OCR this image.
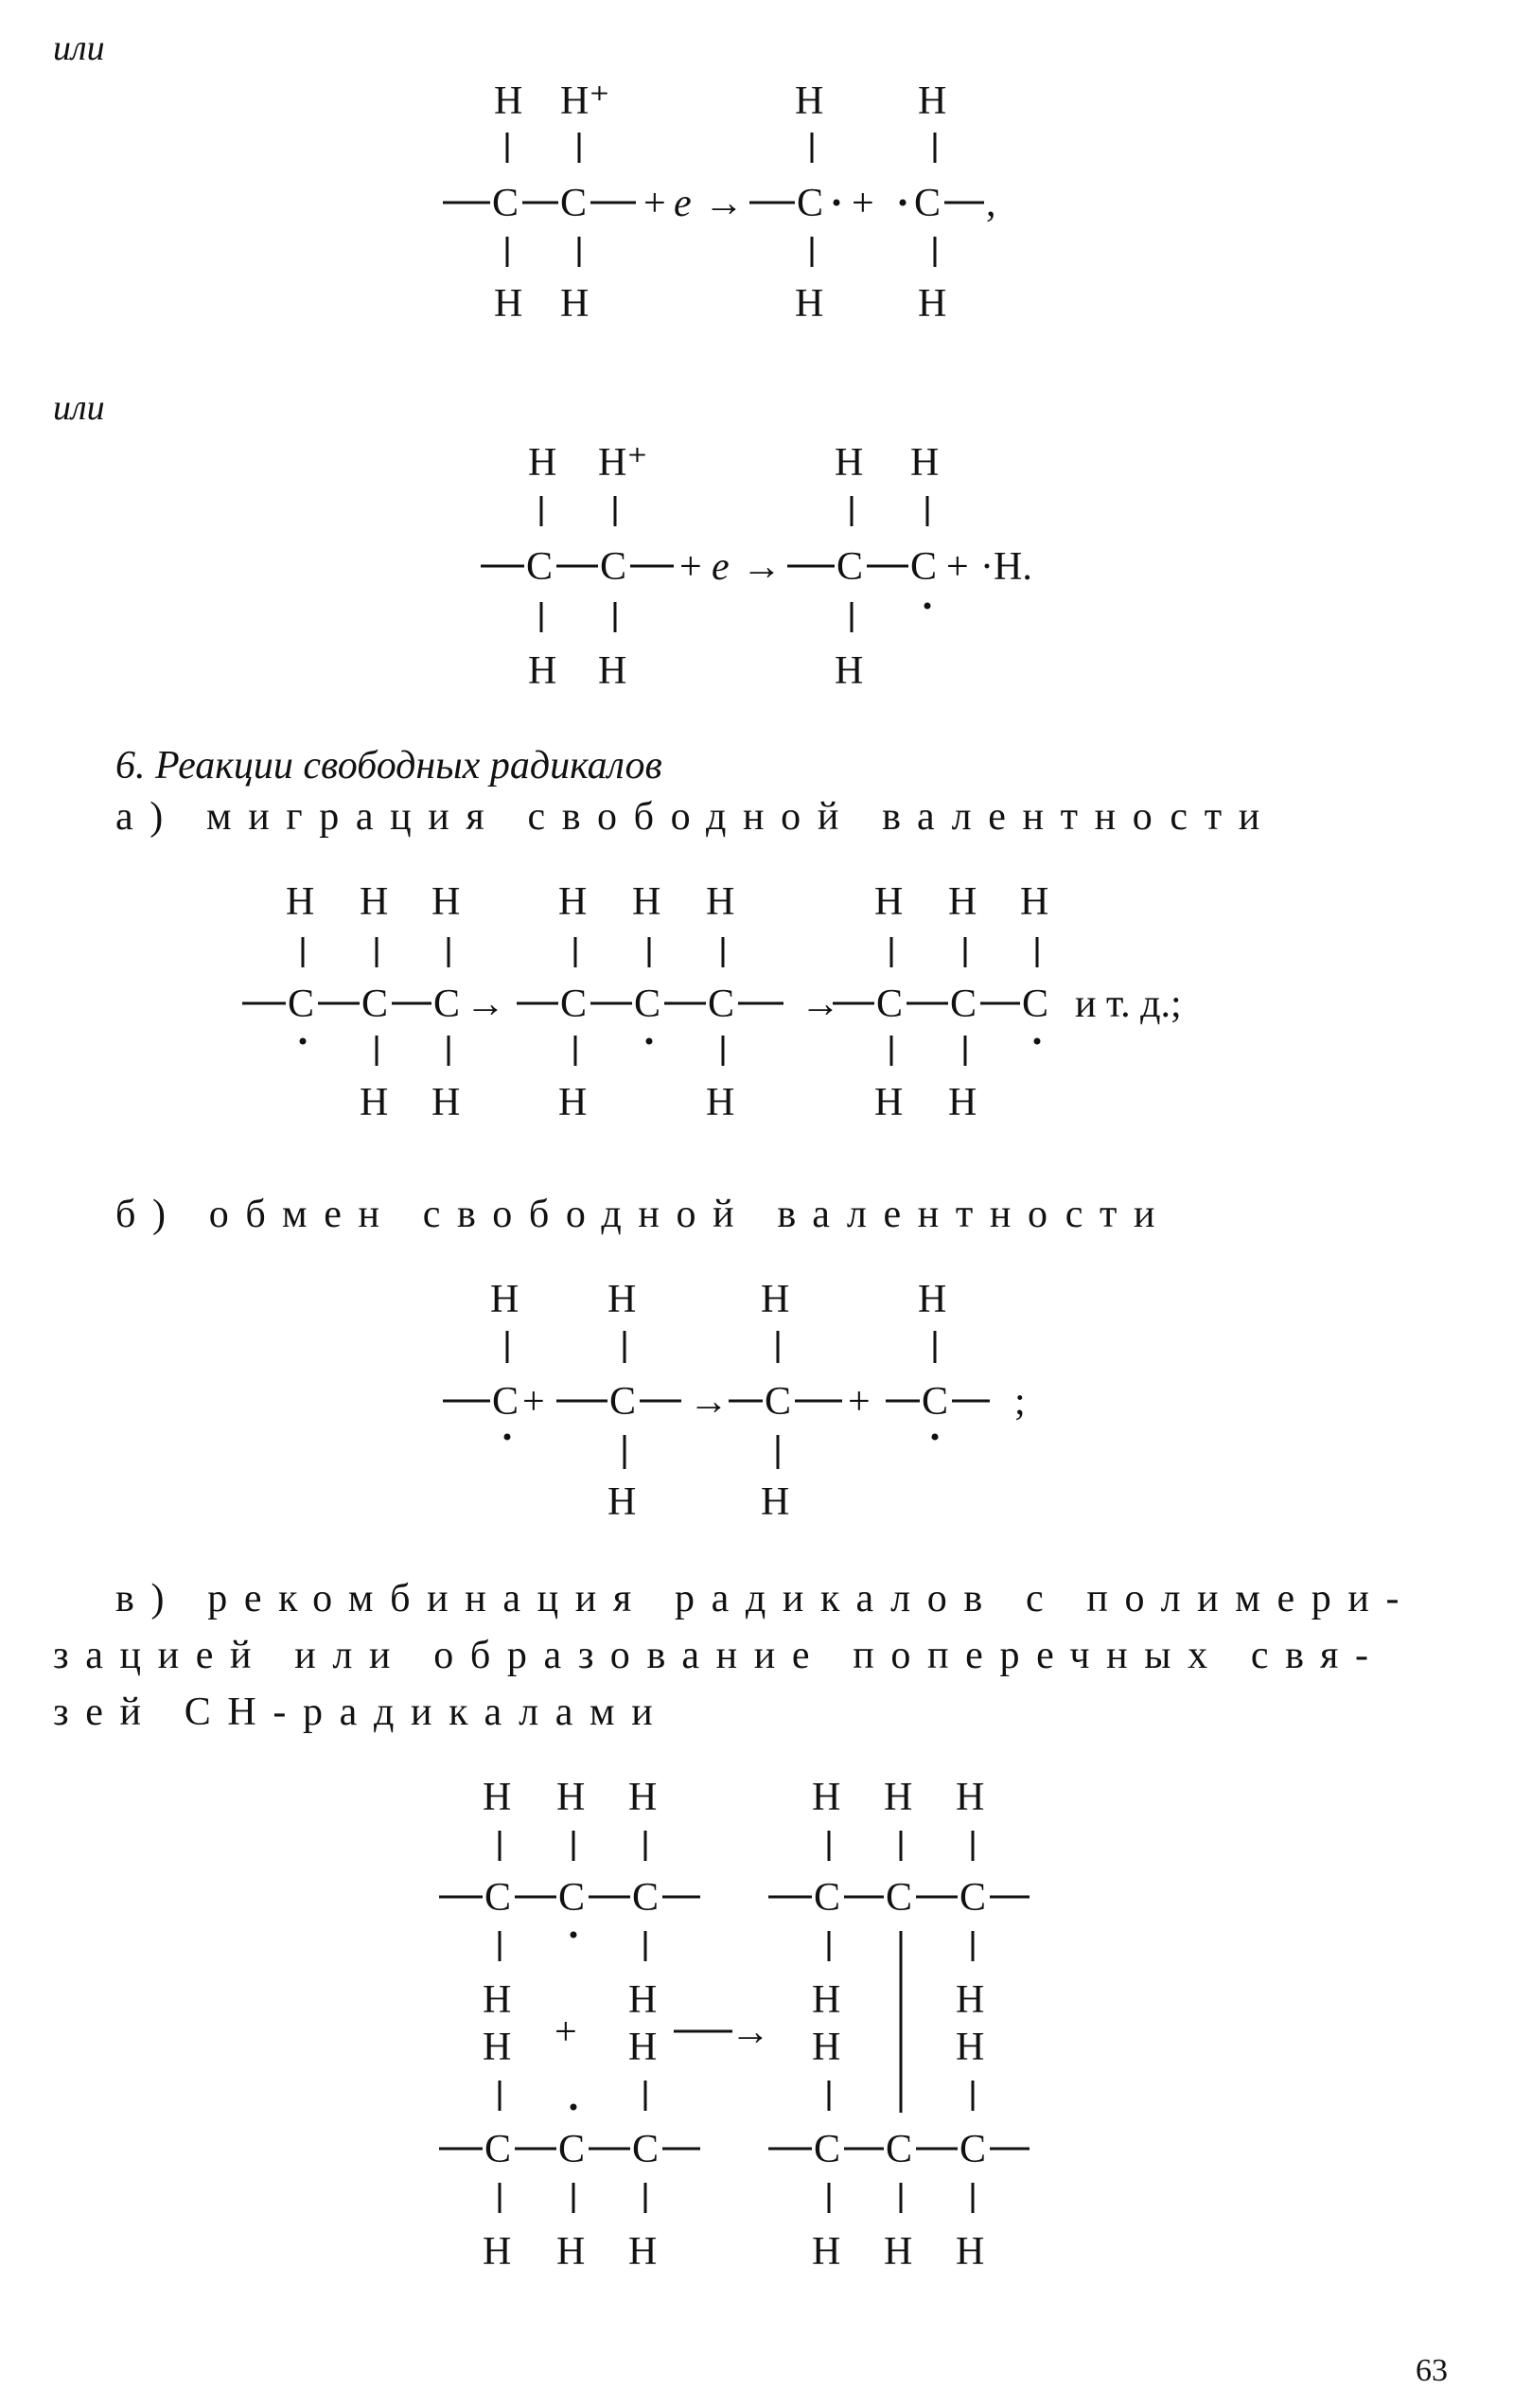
или
или
6. Реакции свободных радикалов
а) миграция свободной валентности
б) обмен свободной валентности
в) рекомбинация радикалов с полимери-
зацией или образование поперечных свя-
зей CH-радикалами
63
H H⁺	H H
C C + e → C + C ,
H H	H H
H H⁺	H H
C C + e → C C + ·H.
H H	H
H H H H H H	H H H
C C C → C C C → C C C и т. д.;
H H H	H	H H
H H	H	H
C + C → C + C ;
H	H
H H H
C C C
H	H
+	→
H	H
C C C
H H H
H H H
C C C
H	H
H	H
C C C
H H H
